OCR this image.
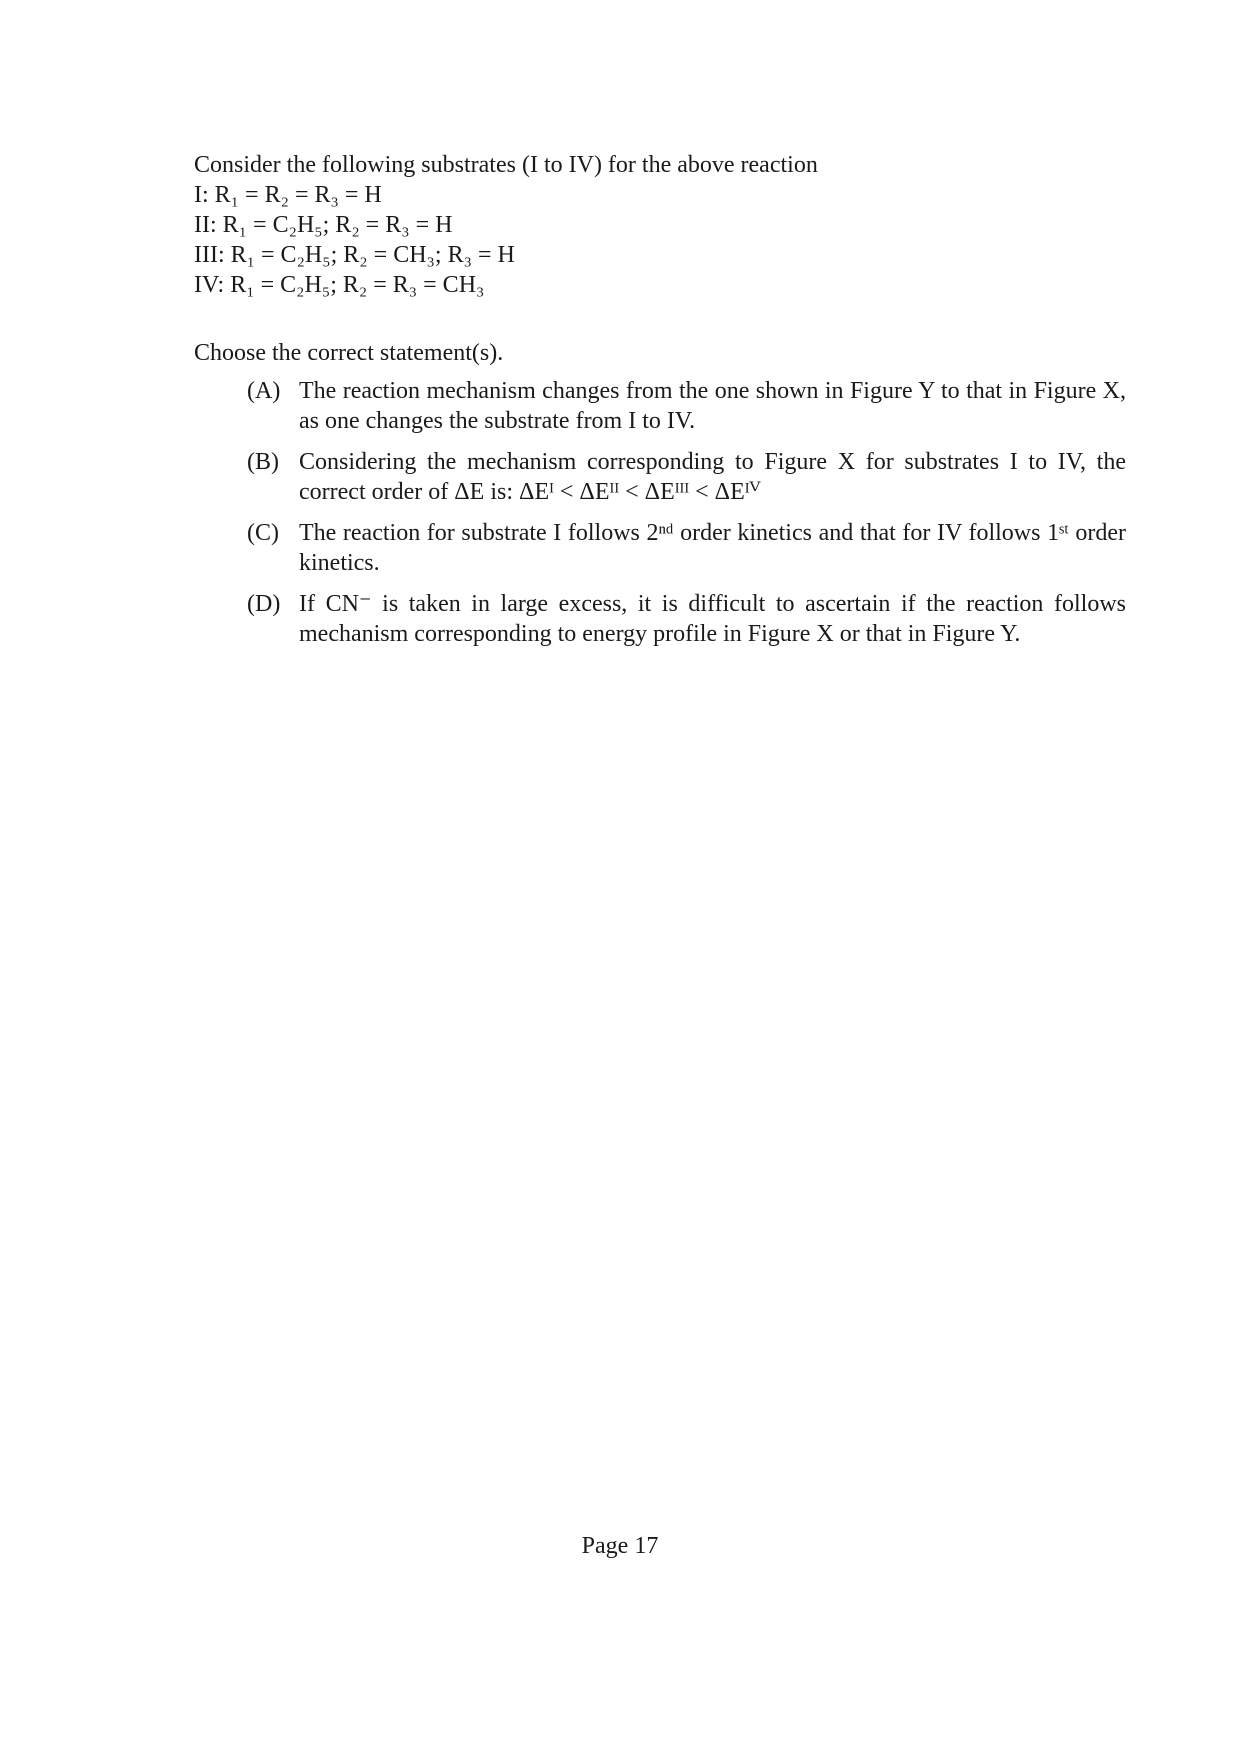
Consider the following substrates (I to IV) for the above reaction
I: R₁ = R₂ = R₃ = H
II: R₁ = C₂H₅; R₂ = R₃ = H
III: R₁ = C₂H₅; R₂ = CH₃; R₃ = H
IV: R₁ = C₂H₅; R₂ = R₃ = CH₃
Choose the correct statement(s).
(A) The reaction mechanism changes from the one shown in Figure Y to that in Figure X, as one changes the substrate from I to IV.
(B) Considering the mechanism corresponding to Figure X for substrates I to IV, the correct order of ΔE is: ΔEᴵ < ΔEᴵᴵ < ΔEᴵᴵᴵ < ΔEᴵⱽ
(C) The reaction for substrate I follows 2ⁿᵈ order kinetics and that for IV follows 1ˢᵗ order kinetics.
(D) If CN⁻ is taken in large excess, it is difficult to ascertain if the reaction follows mechanism corresponding to energy profile in Figure X or that in Figure Y.
Page 17
